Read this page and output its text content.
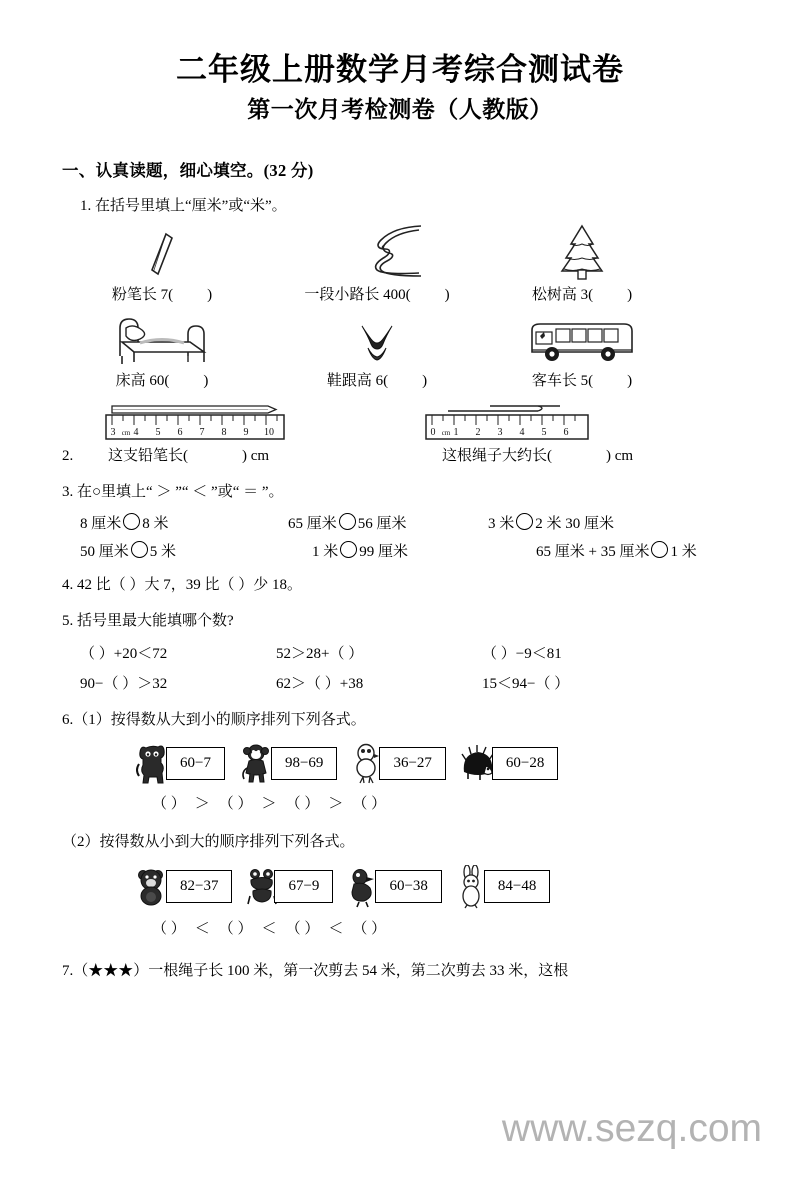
二年级上册数学月考综合测试卷
第一次月考检测卷（人教版）
一、认真读题，细心填空。(32 分)
1. 在括号里填上“厘米”或“米”。
粉笔长 7( )	一段小路长 400( )	松树高 3( )
床高 60( )	鞋跟高 6( )	客车长 5( )
3 cm 4 5 6 7 8 9 10	0 cm 1 2 3 4 5 6
2.	这支铅笔长(	) cm	这根绳子大约长(	) cm
3. 在○里填上“ ＞ ”“ ＜ ”或“ ＝ ”。
8 厘米 8 米	65 厘米 56 厘米	3 米 2 米 30 厘米
50 厘米 5 米	1 米 99 厘米	65 厘米 + 35 厘米 1 米
4. 42 比（ ）大 7，39 比（ ）少 18。
5. 括号里最大能填哪个数?
（ ）+20＜72	52＞28+（ ）	（ ）−9＜81
90−（ ）＞32	62＞（ ）+38	15＜94−（ ）
6.（1）按得数从大到小的顺序排列下列各式。
60−7	98−69	36−27	60−28
（ ） ＞ （ ） ＞ （ ） ＞ （ ）
（2）按得数从小到大的顺序排列下列各式。
82−37	67−9	60−38	84−48
（ ） ＜ （ ） ＜ （ ） ＜ （ ）
7.（★★★）一根绳子长 100 米，第一次剪去 54 米，第二次剪去 33 米，这根
www.sezq.com
